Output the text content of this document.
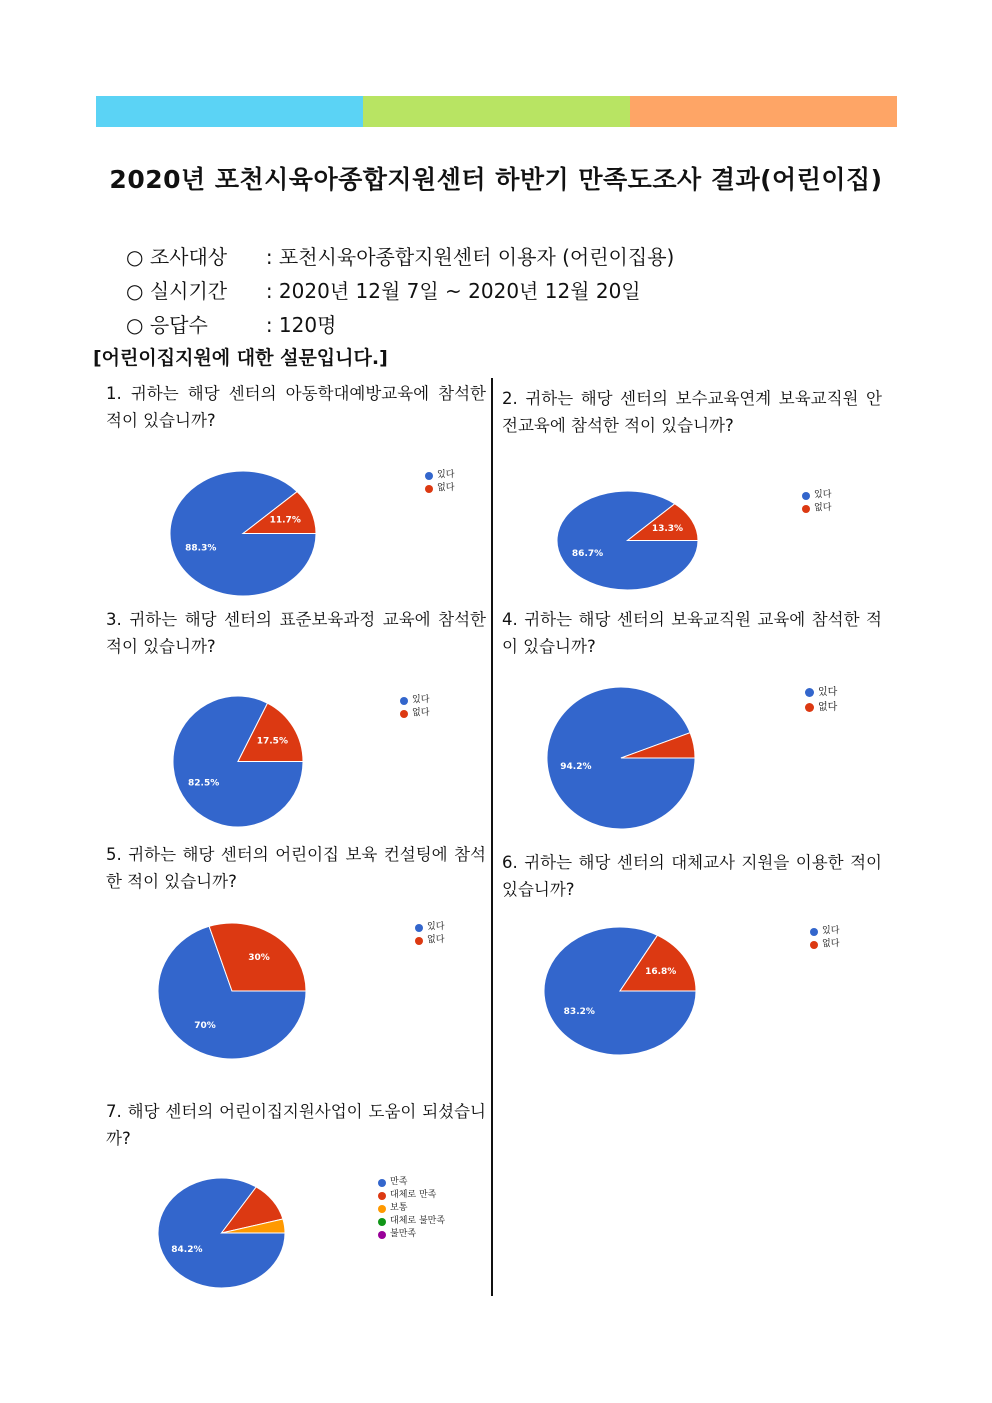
2020년 포천시육아종합지원센터 하반기 만족도조사 결과(어린이집)
○
조사대상	:
포천시육아종합지원센터 이용자 (어린이집용)
○
실시기간	:
2020년 12월 7일 ~ 2020년 12월 20일
○
응답수	:
120명
[어린이집지원에 대한 설문입니다.]
1. 귀하는 해당 센터의 아동학대예방교육에 참석한 적이 있습니까?
2. 귀하는 해당 센터의 보수교육연계 보육교직원 안전교육에 참석한 적이 있습니까?
3. 귀하는 해당 센터의 표준보육과정 교육에 참석한 적이 있습니까?
4. 귀하는 해당 센터의 보육교직원 교육에 참석한 적이 있습니까?
5. 귀하는 해당 센터의 어린이집 보육 컨설팅에 참석한 적이 있습니까?
6. 귀하는 해당 센터의 대체교사 지원을 이용한 적이 있습니까?
7. 해당 센터의 어린이집지원사업이 도움이 되셨습니까?
88.3%
11.7%
86.7%
13.3%
82.5%
17.5%
94.2%
70%
30%
83.2%
16.8%
84.2%
있다
없다
있다
없다
있다
없다
있다
없다
있다
없다
있다
없다
만족
대체로 만족
보통
대체로 불만족
불만족
